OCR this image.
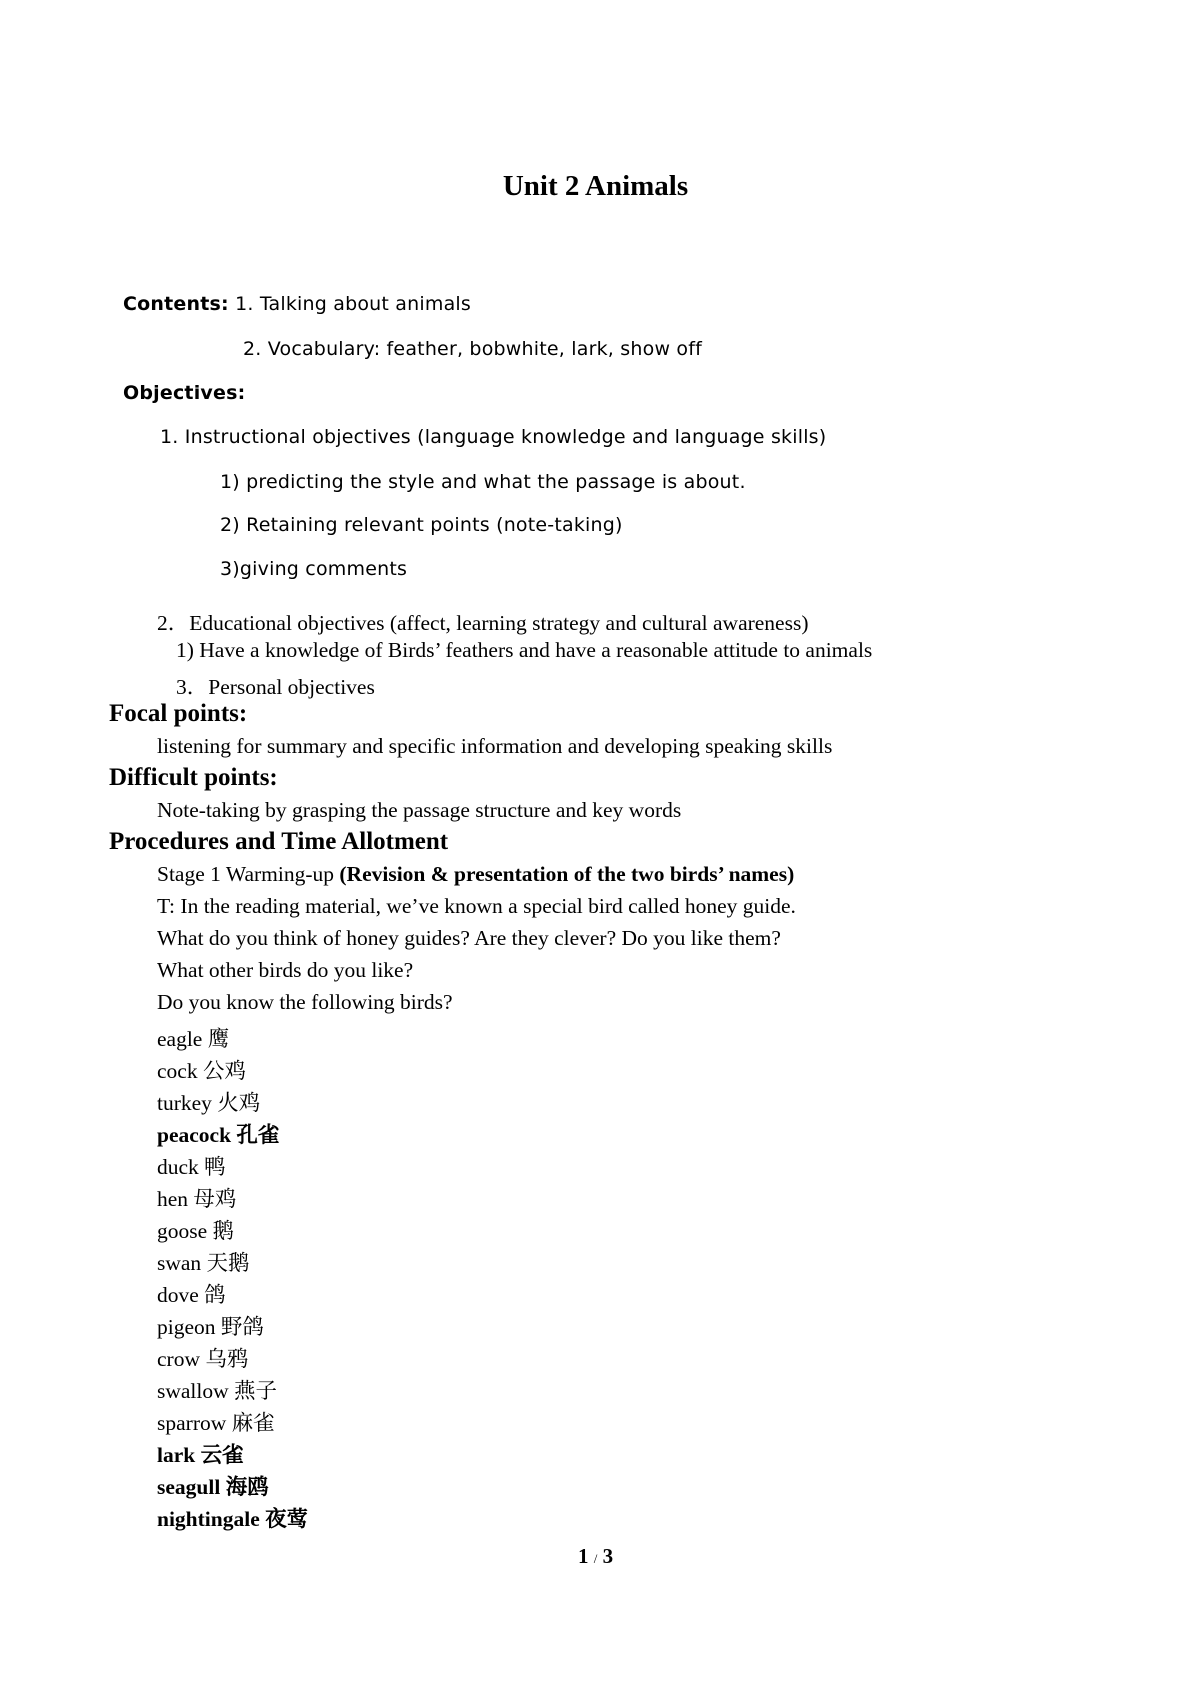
Unit 2 Animals
Contents: 1. Talking about animals
2. Vocabulary: feather, bobwhite, lark, show off
Objectives:
1. Instructional objectives (language knowledge and language skills)
1) predicting the style and what the passage is about.
2) Retaining relevant points (note-taking)
3)giving comments
2．Educational objectives (affect, learning strategy and cultural awareness)
1) Have a knowledge of Birds’ feathers and have a reasonable attitude to animals
3．Personal objectives
Focal points:
listening for summary and specific information and developing speaking skills
Difficult points:
Note-taking by grasping the passage structure and key words
Procedures and Time Allotment
Stage 1 Warming-up (Revision & presentation of the two birds’ names)
T: In the reading material, we’ve known a special bird called honey guide.
What do you think of honey guides? Are they clever? Do you like them?
What other birds do you like?
Do you know the following birds?
eagle 鹰
cock 公鸡
turkey 火鸡
peacock 孔雀
duck 鸭
hen 母鸡
goose 鹅
swan 天鹅
dove 鸽
pigeon 野鸽
crow 乌鸦
swallow 燕子
sparrow 麻雀
lark 云雀
seagull 海鸥
nightingale 夜莺
1 / 3
